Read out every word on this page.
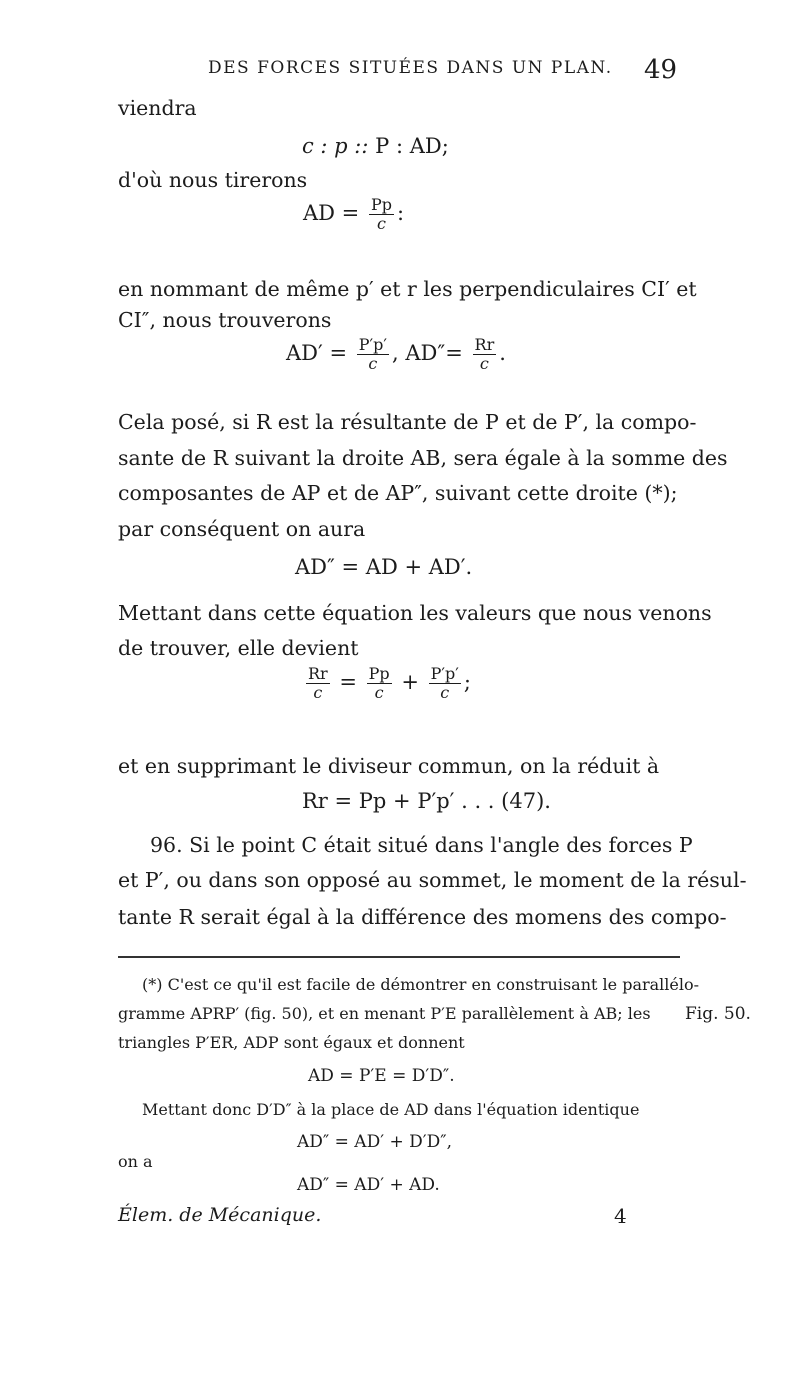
DES FORCES SITUÉES DANS UN PLAN. 49
viendra
c : p :: P : AD;
d'où nous tirerons
AD = $\frac{Pp}{c}$ :
en nommant de même p′ et r les perpendiculaires CI′ et
CI″, nous trouverons
$AD' = \frac{P'p'}{c}$ , $AD''= \frac{Rr}{c}$ .
Cela posé, si R est la résultante de P et de P′, la compo-
sante de R suivant la droite AB, sera égale à la somme des
composantes de AP et de AP″, suivant cette droite (*);
par conséquent on aura
AD″ = AD + AD′.
Mettant dans cette équation les valeurs que nous venons
de trouver, elle devient
$\frac{Rr}{c} = \frac{Pp}{c} + \frac{P'p'}{c}$ ;
et en supprimant le diviseur commun, on la réduit à
Rr = Pp + P′p′ . . . (47).
96. Si le point C était situé dans l'angle des forces P
et P′, ou dans son opposé au sommet, le moment de la résul-
tante R serait égal à la différence des momens des compo-
(*) C'est ce qu'il est facile de démontrer en construisant le parallélo-
gramme APRP′ (fig. 50), et en menant P′E parallèlement à AB; les Fig. 50.
triangles P′ER, ADP sont égaux et donnent
AD = P′E = D′D″.
Mettant donc D′D″ à la place de AD dans l'équation identique
AD″ = AD′ + D′D″,
on a
AD″ = AD′ + AD.
Élem. de Mécanique.	4
